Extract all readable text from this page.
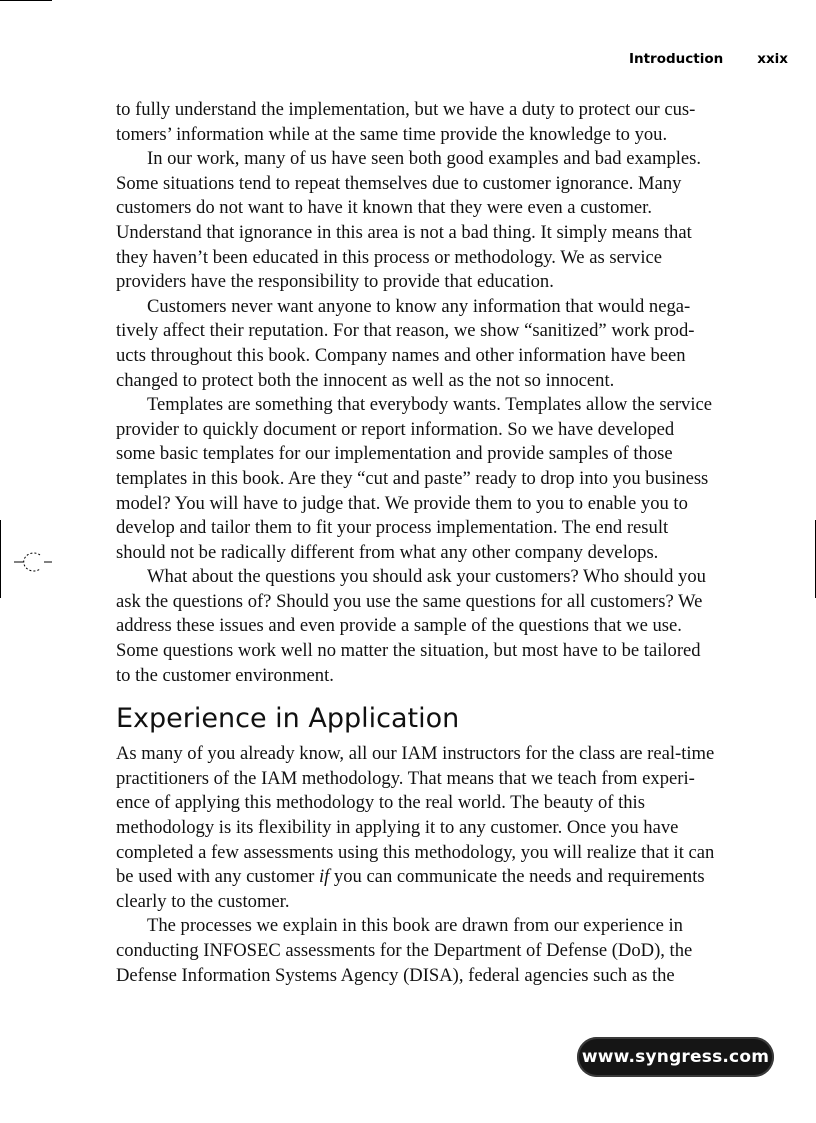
Introduction	xxix
to fully understand the implementation, but we have a duty to protect our cus-
tomers’ information while at the same time provide the knowledge to you.
In our work, many of us have seen both good examples and bad examples.
Some situations tend to repeat themselves due to customer ignorance. Many
customers do not want to have it known that they were even a customer.
Understand that ignorance in this area is not a bad thing. It simply means that
they haven’t been educated in this process or methodology. We as service
providers have the responsibility to provide that education.
Customers never want anyone to know any information that would nega-
tively affect their reputation. For that reason, we show “sanitized” work prod-
ucts throughout this book. Company names and other information have been
changed to protect both the innocent as well as the not so innocent.
Templates are something that everybody wants. Templates allow the service
provider to quickly document or report information. So we have developed
some basic templates for our implementation and provide samples of those
templates in this book. Are they “cut and paste” ready to drop into you business
model? You will have to judge that. We provide them to you to enable you to
develop and tailor them to fit your process implementation. The end result
should not be radically different from what any other company develops.
What about the questions you should ask your customers? Who should you
ask the questions of? Should you use the same questions for all customers? We
address these issues and even provide a sample of the questions that we use.
Some questions work well no matter the situation, but most have to be tailored
to the customer environment.
Experience in Application
As many of you already know, all our IAM instructors for the class are real-time
practitioners of the IAM methodology. That means that we teach from experi-
ence of applying this methodology to the real world. The beauty of this
methodology is its flexibility in applying it to any customer. Once you have
completed a few assessments using this methodology, you will realize that it can
be used with any customer if you can communicate the needs and requirements
clearly to the customer.
The processes we explain in this book are drawn from our experience in
conducting INFOSEC assessments for the Department of Defense (DoD), the
Defense Information Systems Agency (DISA), federal agencies such as the
www.syngress.com
